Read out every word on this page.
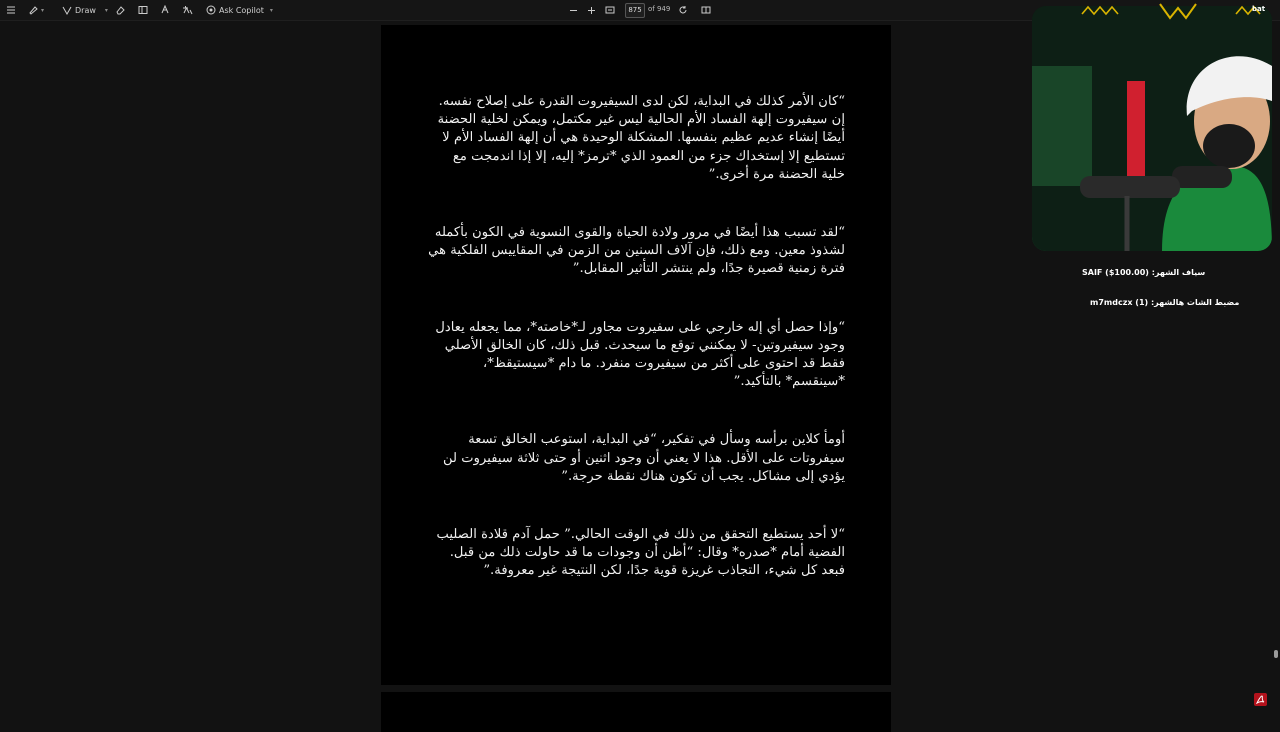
▾	Draw ▾	Ask Copilot ▾
875	of 949

“كان الأمر كذلك في البداية، لكن لدى السيفيروت القدرة على إصلاح نفسه. إن سيفيروت إلهة الفساد الأم الحالية ليس غير مكتمل، ويمكن لخلية الحضنة أيضًا إنشاء عديم عظيم بنفسها. المشكلة الوحيدة هي أن إلهة الفساد الأم لا تستطيع إلا إستخداك جزء من العمود الذي *ترمز* إليه، إلا إذا اندمجت مع خلية الحضنة مرة أخرى.”

“لقد تسبب هذا أيضًا في مرور ولادة الحياة والقوى النسوية في الكون بأكمله لشذوذ معين. ومع ذلك، فإن آلاف السنين من الزمن في المقاييس الفلكية هي فترة زمنية قصيرة جدًا، ولم ينتشر التأثير المقابل.”

“وإذا حصل أي إله خارجي على سفيروت مجاور لـ*خاصته*، مما يجعله يعادل وجود سيفيروتين- لا يمكنني توقع ما سيحدث. قبل ذلك، كان الخالق الأصلي فقط قد احتوى على أكثر من سيفيروت منفرد. ما دام *سيستيقظ*، *سينقسم* بالتأكيد.”

أومأ كلاين برأسه وسأل في تفكير، “في البداية، استوعب الخالق تسعة سيفروتات على الأقل. هذا لا يعني أن وجود اثنين أو حتى ثلاثة سيفيروت لن يؤدي إلى مشاكل. يجب أن تكون هناك نقطة حرجة.”

“لا أحد يستطيع التحقق من ذلك في الوقت الحالي.” حمل آدم قلادة الصليب الفضية أمام *صدره* وقال: “أظن أن وجودات ما قد حاولت ذلك من قبل. فبعد كل شيء، التجاذب غريزة قوية جدًا، لكن النتيجة غير معروفة.”

bat
SAIF ($100.00) :سياف الشهر
m7mdczx (1) :مضبط الشات هالشهر
